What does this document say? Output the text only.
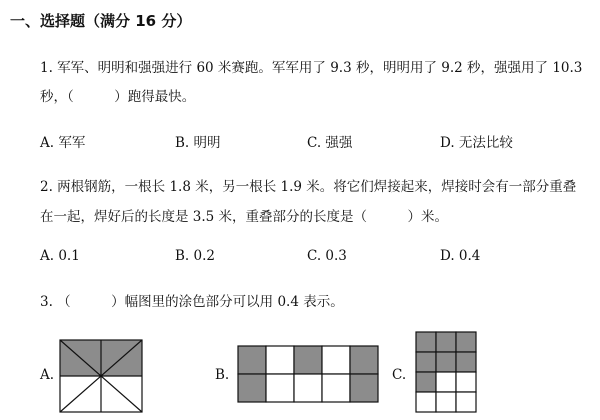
一、选择题（满分 16 分）
1. 军军、明明和强强进行 60 米赛跑。军军用了 9.3 秒，明明用了 9.2 秒，强强用了 10.3
秒，（　　　）跑得最快。
A. 军军	B. 明明	C. 强强	D. 无法比较
2. 两根钢筋，一根长 1.8 米，另一根长 1.9 米。将它们焊接起来，焊接时会有一部分重叠
在一起，焊好后的长度是 3.5 米，重叠部分的长度是（　　　）米。
A. 0.1	B. 0.2	C. 0.3	D. 0.4
3. （　　　）幅图里的涂色部分可以用 0.4 表示。
A.	B.	C.
